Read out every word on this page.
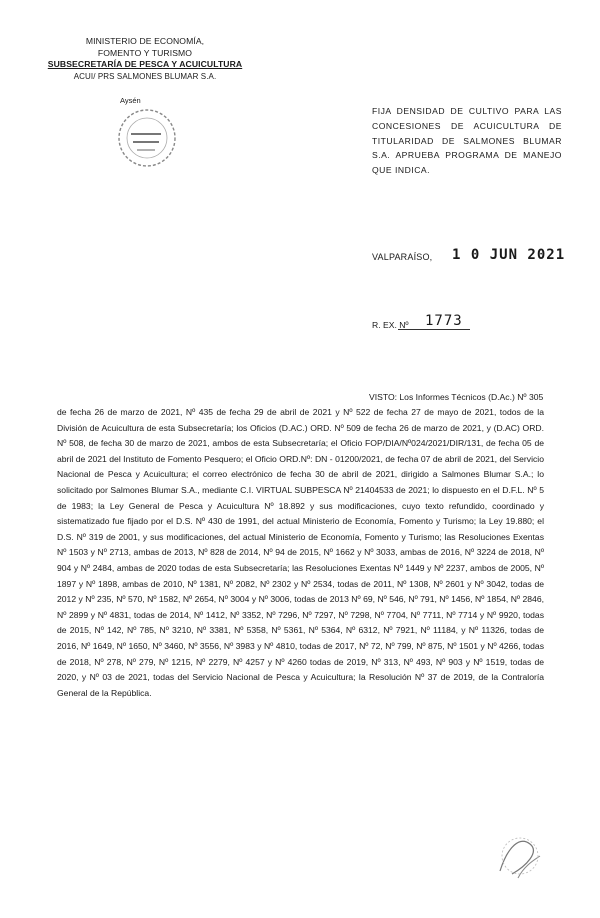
MINISTERIO DE ECONOMÍA,
FOMENTO Y TURISMO
SUBSECRETARÍA DE PESCA Y ACUICULTURA
ACUI/ PRS SALMONES BLUMAR S.A.
Aysén
FIJA DENSIDAD DE CULTIVO PARA LAS CONCESIONES DE ACUICULTURA DE TITULARIDAD DE SALMONES BLUMAR S.A. APRUEBA PROGRAMA DE MANEJO QUE INDICA.
VALPARAÍSO, 1 0 JUN 2021
R. EX. Nº 1773
VISTO: Los Informes Técnicos (D.Ac.) Nº 305
de fecha 26 de marzo de 2021, Nº 435 de fecha 29 de abril de 2021 y Nº 522 de fecha 27 de mayo de 2021, todos de la División de Acuicultura de esta Subsecretaría; los Oficios (D.AC.) ORD. Nº 509 de fecha 26 de marzo de 2021, y (D.AC) ORD. Nº 508, de fecha 30 de marzo de 2021, ambos de esta Subsecretaría; el Oficio FOP/DIA/Nº024/2021/DIR/131, de fecha 05 de abril de 2021 del Instituto de Fomento Pesquero; el Oficio ORD.Nº: DN - 01200/2021, de fecha 07 de abril de 2021, del Servicio Nacional de Pesca y Acuicultura; el correo electrónico de fecha 30 de abril de 2021, dirigido a Salmones Blumar S.A.; lo solicitado por Salmones Blumar S.A., mediante C.I. VIRTUAL SUBPESCA Nº 21404533 de 2021; lo dispuesto en el D.F.L. Nº 5 de 1983; la Ley General de Pesca y Acuicultura Nº 18.892 y sus modificaciones, cuyo texto refundido, coordinado y sistematizado fue fijado por el D.S. Nº 430 de 1991, del actual Ministerio de Economía, Fomento y Turismo; la Ley 19.880; el D.S. Nº 319 de 2001, y sus modificaciones, del actual Ministerio de Economía, Fomento y Turismo; las Resoluciones Exentas Nº 1503 y Nº 2713, ambas de 2013, Nº 828 de 2014, Nº 94 de 2015, Nº 1662 y Nº 3033, ambas de 2016, Nº 3224 de 2018, Nº 904 y Nº 2484, ambas de 2020 todas de esta Subsecretaría; las Resoluciones Exentas Nº 1449 y Nº 2237, ambos de 2005, Nº 1897 y Nº 1898, ambas de 2010, Nº 1381, Nº 2082, Nº 2302 y Nº 2534, todas de 2011, Nº 1308, Nº 2601 y Nº 3042, todas de 2012 y Nº 235, Nº 570, Nº 1582, Nº 2654, Nº 3004 y Nº 3006, todas de 2013 Nº 69, Nº 546, Nº 791, Nº 1456, Nº 1854, Nº 2846, Nº 2899 y Nº 4831, todas de 2014, Nº 1412, Nº 3352, Nº 7296, Nº 7297, Nº 7298, Nº 7704, Nº 7711, Nº 7714 y Nº 9920, todas de 2015, Nº 142, Nº 785, Nº 3210, Nº 3381, Nº 5358, Nº 5361, Nº 5364, Nº 6312, Nº 7921, Nº 11184, y Nº 11326, todas de 2016, Nº 1649, Nº 1650, Nº 3460, Nº 3556, Nº 3983 y Nº 4810, todas de 2017, Nº 72, Nº 799, Nº 875, Nº 1501 y Nº 4266, todas de 2018, Nº 278, Nº 279, Nº 1215, Nº 2279, Nº 4257 y Nº 4260 todas de 2019, Nº 313, Nº 493, Nº 903 y Nº 1519, todas de 2020, y Nº 03 de 2021, todas del Servicio Nacional de Pesca y Acuicultura; la Resolución Nº 37 de 2019, de la Contraloría General de la República.
